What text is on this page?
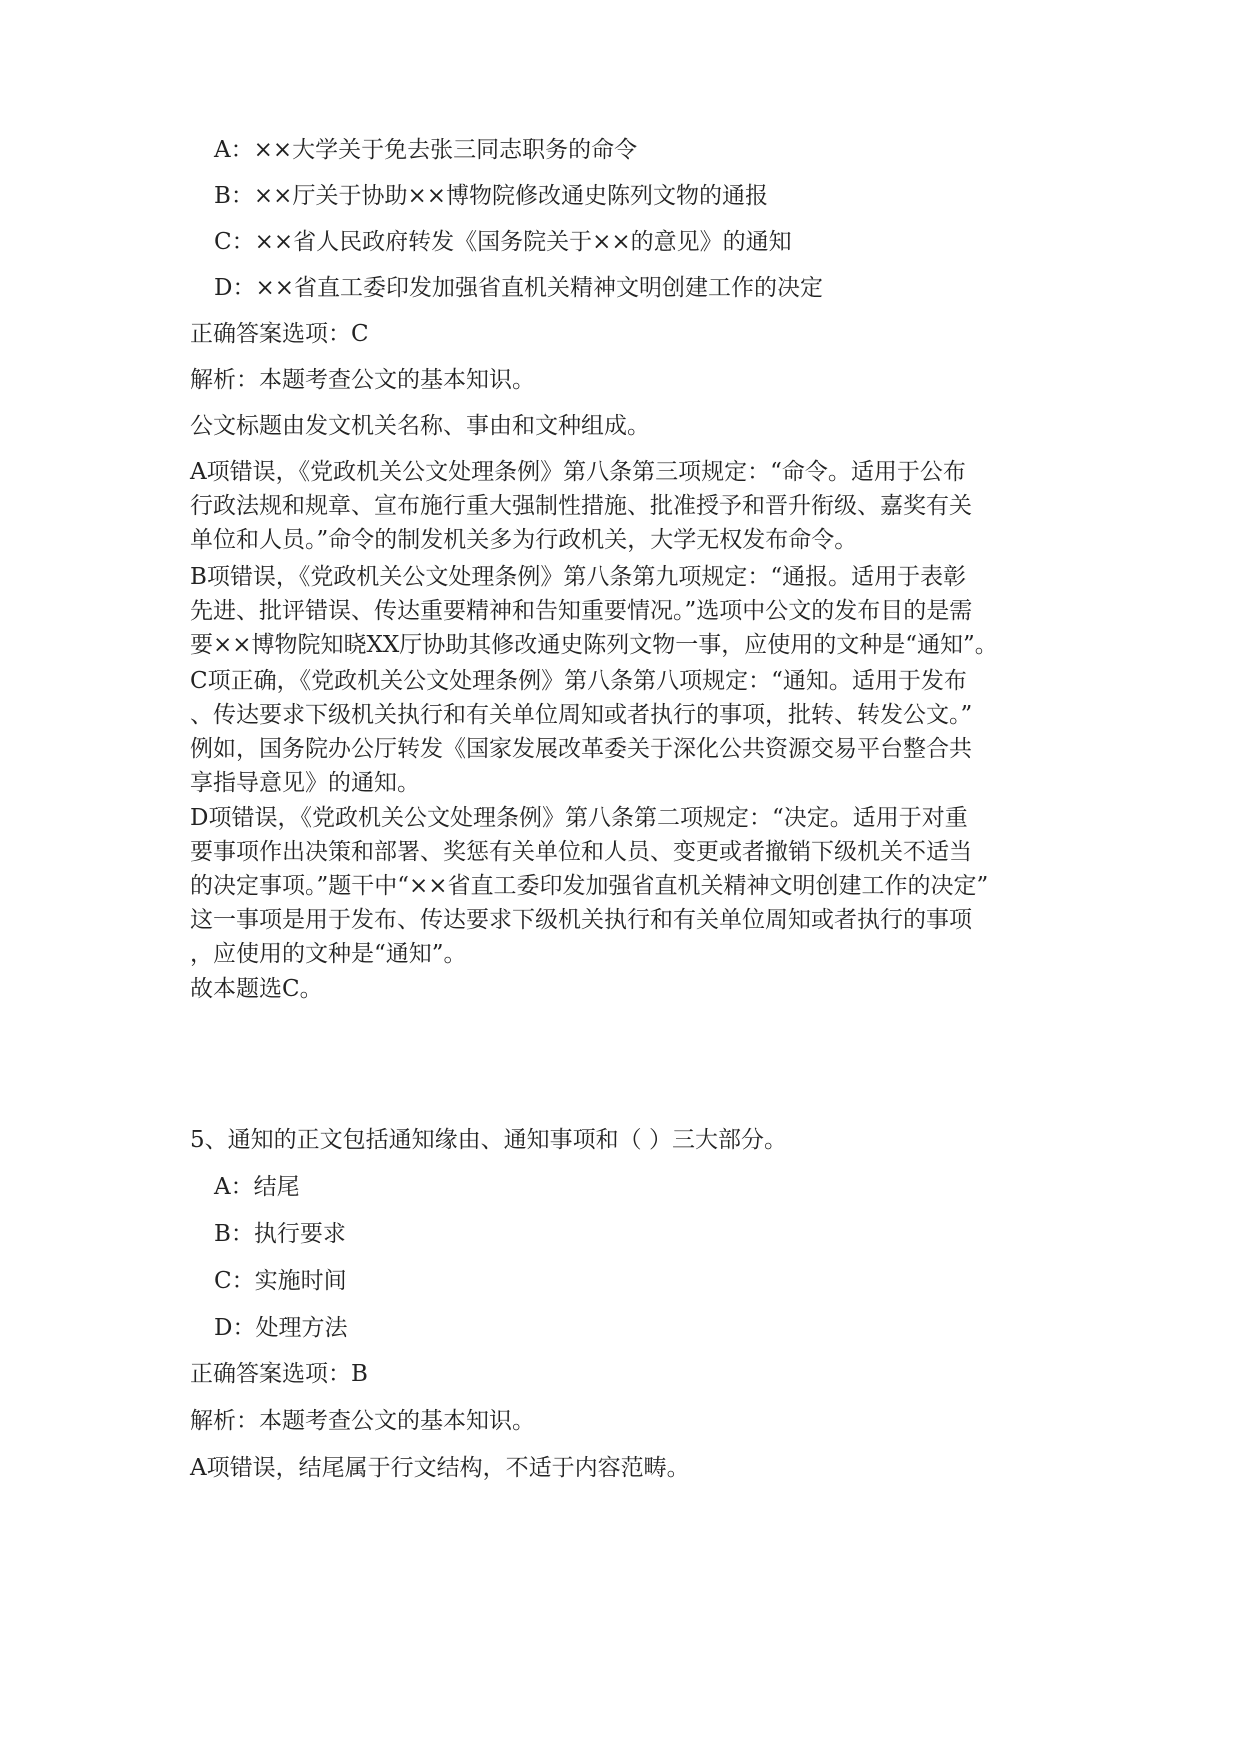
A：××大学关于免去张三同志职务的命令
B：××厅关于协助××博物院修改通史陈列文物的通报
C：××省人民政府转发《国务院关于××的意见》的通知
D：××省直工委印发加强省直机关精神文明创建工作的决定
正确答案选项：C
解析：本题考查公文的基本知识。
公文标题由发文机关名称、事由和文种组成。
A项错误，《党政机关公文处理条例》第八条第三项规定：“命令。适用于公布
行政法规和规章、宣布施行重大强制性措施、批准授予和晋升衔级、嘉奖有关
单位和人员。”命令的制发机关多为行政机关，大学无权发布命令。
B项错误，《党政机关公文处理条例》第八条第九项规定：“通报。适用于表彰
先进、批评错误、传达重要精神和告知重要情况。”选项中公文的发布目的是需
要××博物院知晓XX厅协助其修改通史陈列文物一事，应使用的文种是“通知”。
C项正确，《党政机关公文处理条例》第八条第八项规定：“通知。适用于发布
、传达要求下级机关执行和有关单位周知或者执行的事项，批转、转发公文。”
例如，国务院办公厅转发《国家发展改革委关于深化公共资源交易平台整合共
享指导意见》的通知。
D项错误，《党政机关公文处理条例》第八条第二项规定：“决定。适用于对重
要事项作出决策和部署、奖惩有关单位和人员、变更或者撤销下级机关不适当
的决定事项。”题干中“××省直工委印发加强省直机关精神文明创建工作的决定”
这一事项是用于发布、传达要求下级机关执行和有关单位周知或者执行的事项
，应使用的文种是“通知”。
故本题选C。
5、通知的正文包括通知缘由、通知事项和（ ）三大部分。
A：结尾
B：执行要求
C：实施时间
D：处理方法
正确答案选项：B
解析：本题考查公文的基本知识。
A项错误，结尾属于行文结构，不适于内容范畴。
